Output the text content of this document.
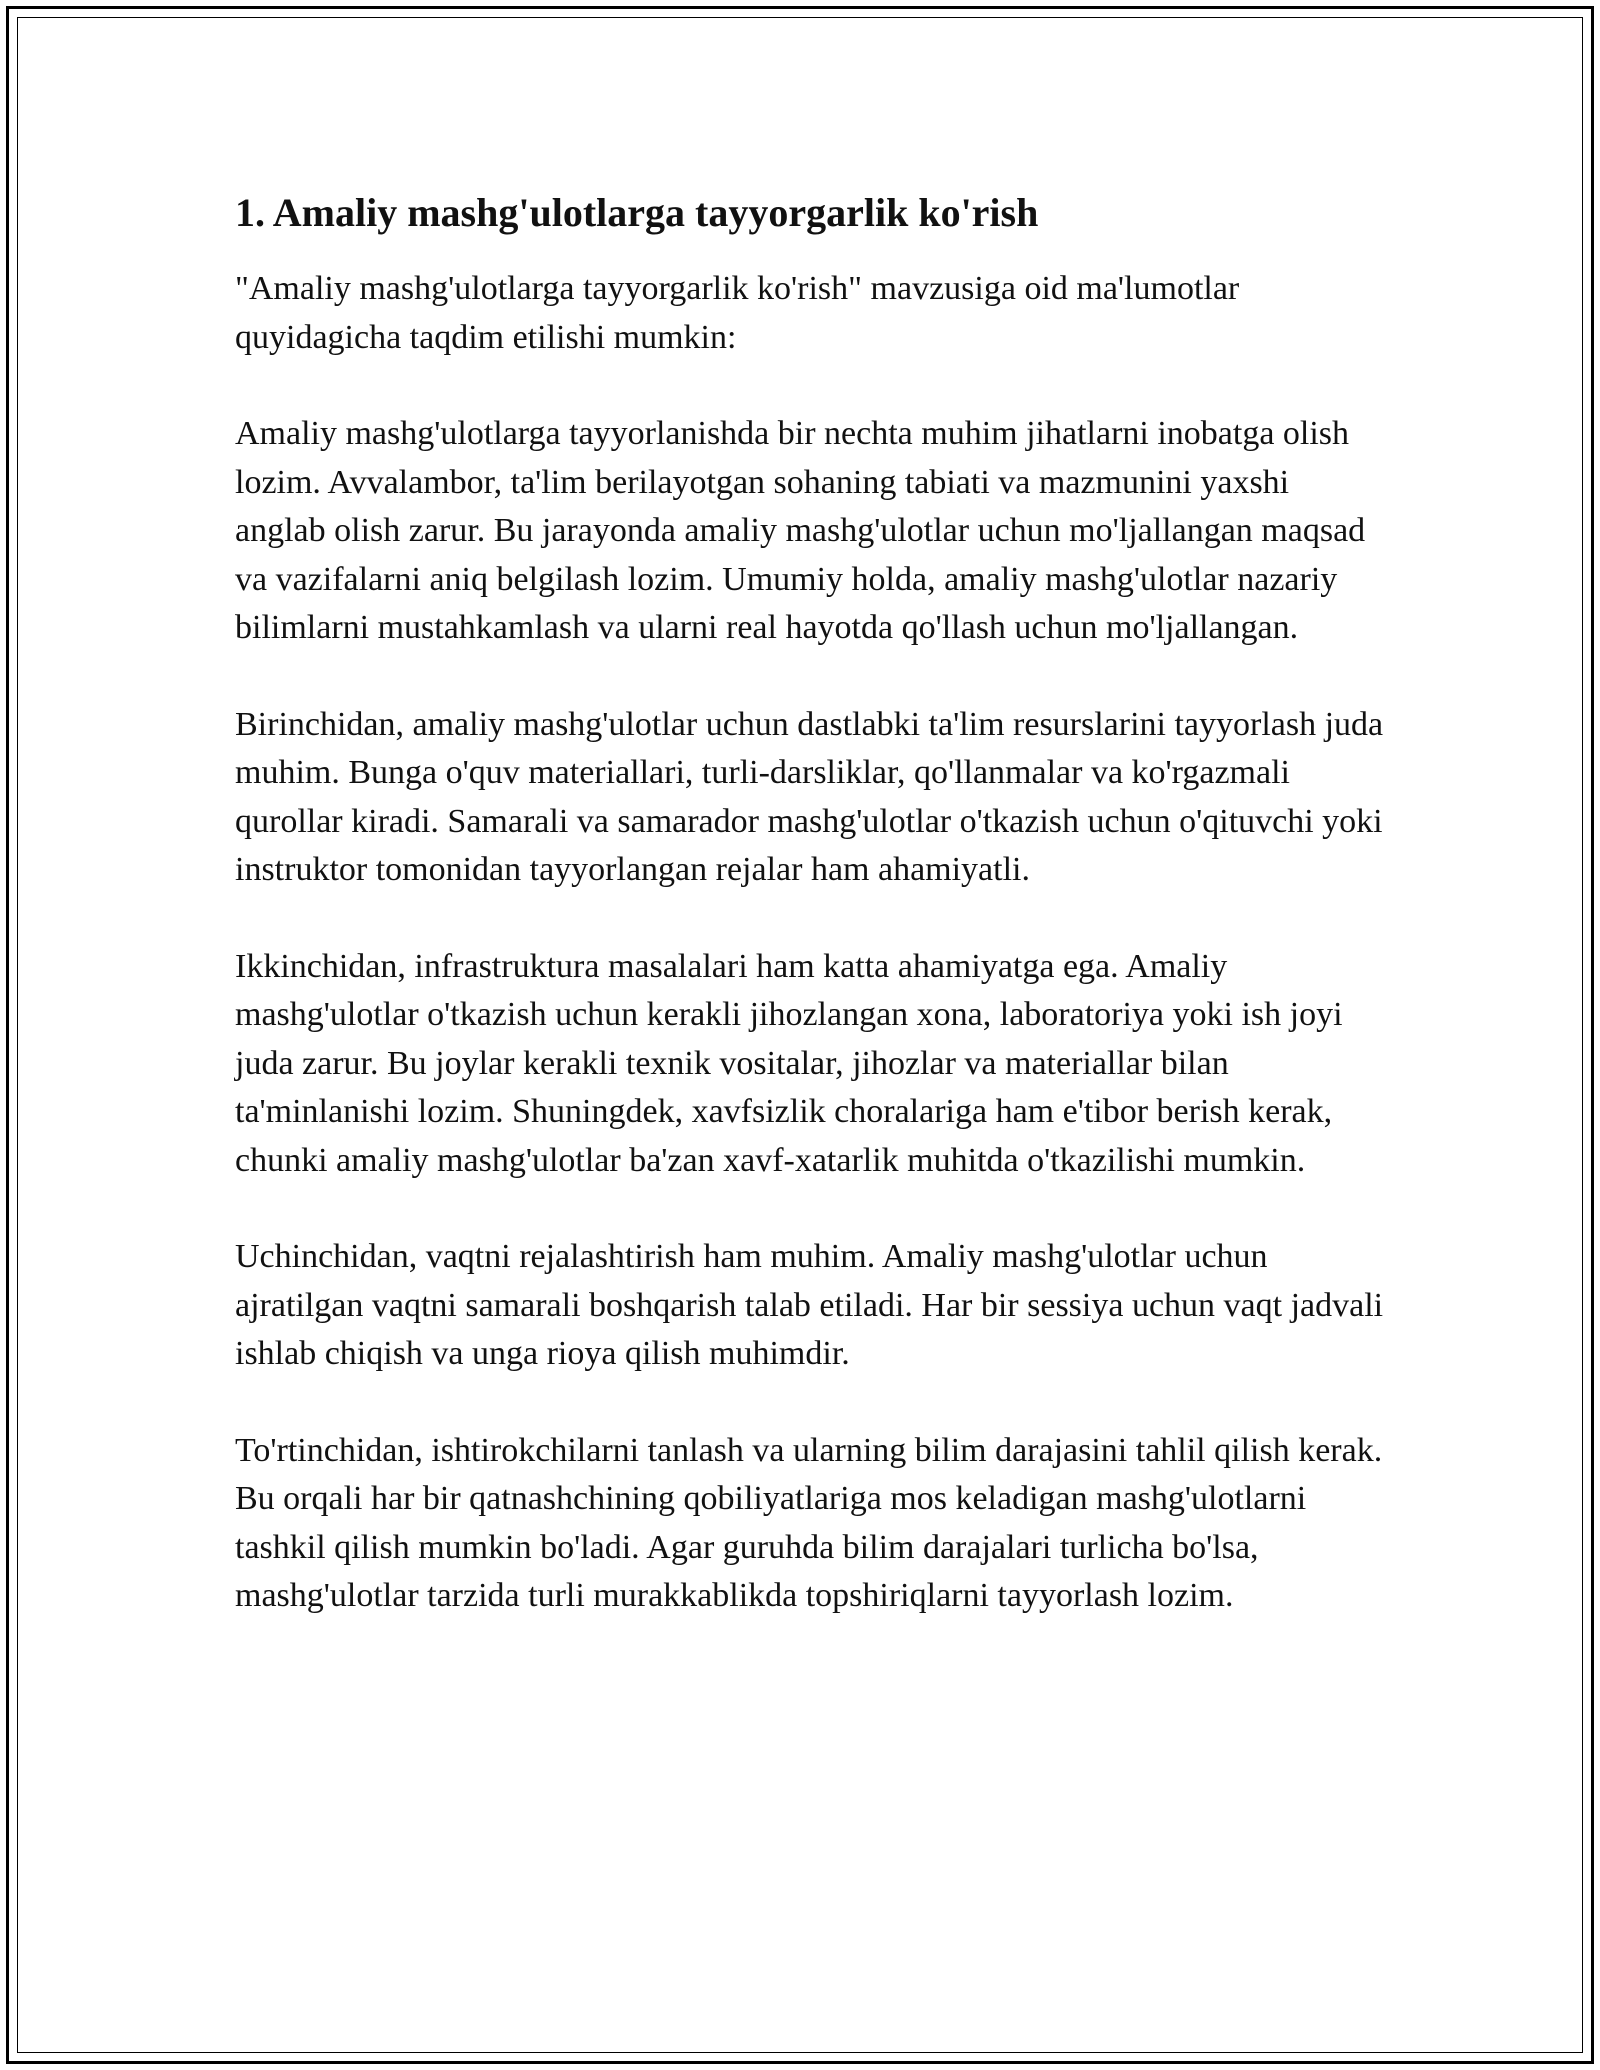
1. Amaliy mashg'ulotlarga tayyorgarlik ko'rish

"Amaliy mashg'ulotlarga tayyorgarlik ko'rish" mavzusiga oid ma'lumotlar quyidagicha taqdim etilishi mumkin:

Amaliy mashg'ulotlarga tayyorlanishda bir nechta muhim jihatlarni inobatga olish lozim. Avvalambor, ta'lim berilayotgan sohaning tabiati va mazmunini yaxshi anglab olish zarur. Bu jarayonda amaliy mashg'ulotlar uchun mo'ljallangan maqsad va vazifalarni aniq belgilash lozim. Umumiy holda, amaliy mashg'ulotlar nazariy bilimlarni mustahkamlash va ularni real hayotda qo'llash uchun mo'ljallangan.

Birinchidan, amaliy mashg'ulotlar uchun dastlabki ta'lim resurslarini tayyorlash juda muhim. Bunga o'quv materiallari, turli-darsliklar, qo'llanmalar va ko'rgazmali qurollar kiradi. Samarali va samarador mashg'ulotlar o'tkazish uchun o'qituvchi yoki instruktor tomonidan tayyorlangan rejalar ham ahamiyatli.

Ikkinchidan, infrastruktura masalalari ham katta ahamiyatga ega. Amaliy mashg'ulotlar o'tkazish uchun kerakli jihozlangan xona, laboratoriya yoki ish joyi juda zarur. Bu joylar kerakli texnik vositalar, jihozlar va materiallar bilan ta'minlanishi lozim. Shuningdek, xavfsizlik choralariga ham e'tibor berish kerak, chunki amaliy mashg'ulotlar ba'zan xavf-xatarlik muhitda o'tkazilishi mumkin.

Uchinchidan, vaqtni rejalashtirish ham muhim. Amaliy mashg'ulotlar uchun ajratilgan vaqtni samarali boshqarish talab etiladi. Har bir sessiya uchun vaqt jadvali ishlab chiqish va unga rioya qilish muhimdir.

To'rtinchidan, ishtirokchilarni tanlash va ularning bilim darajasini tahlil qilish kerak. Bu orqali har bir qatnashchining qobiliyatlariga mos keladigan mashg'ulotlarni tashkil qilish mumkin bo'ladi. Agar guruhda bilim darajalari turlicha bo'lsa, mashg'ulotlar tarzida turli murakkablikda topshiriqlarni tayyorlash lozim.
